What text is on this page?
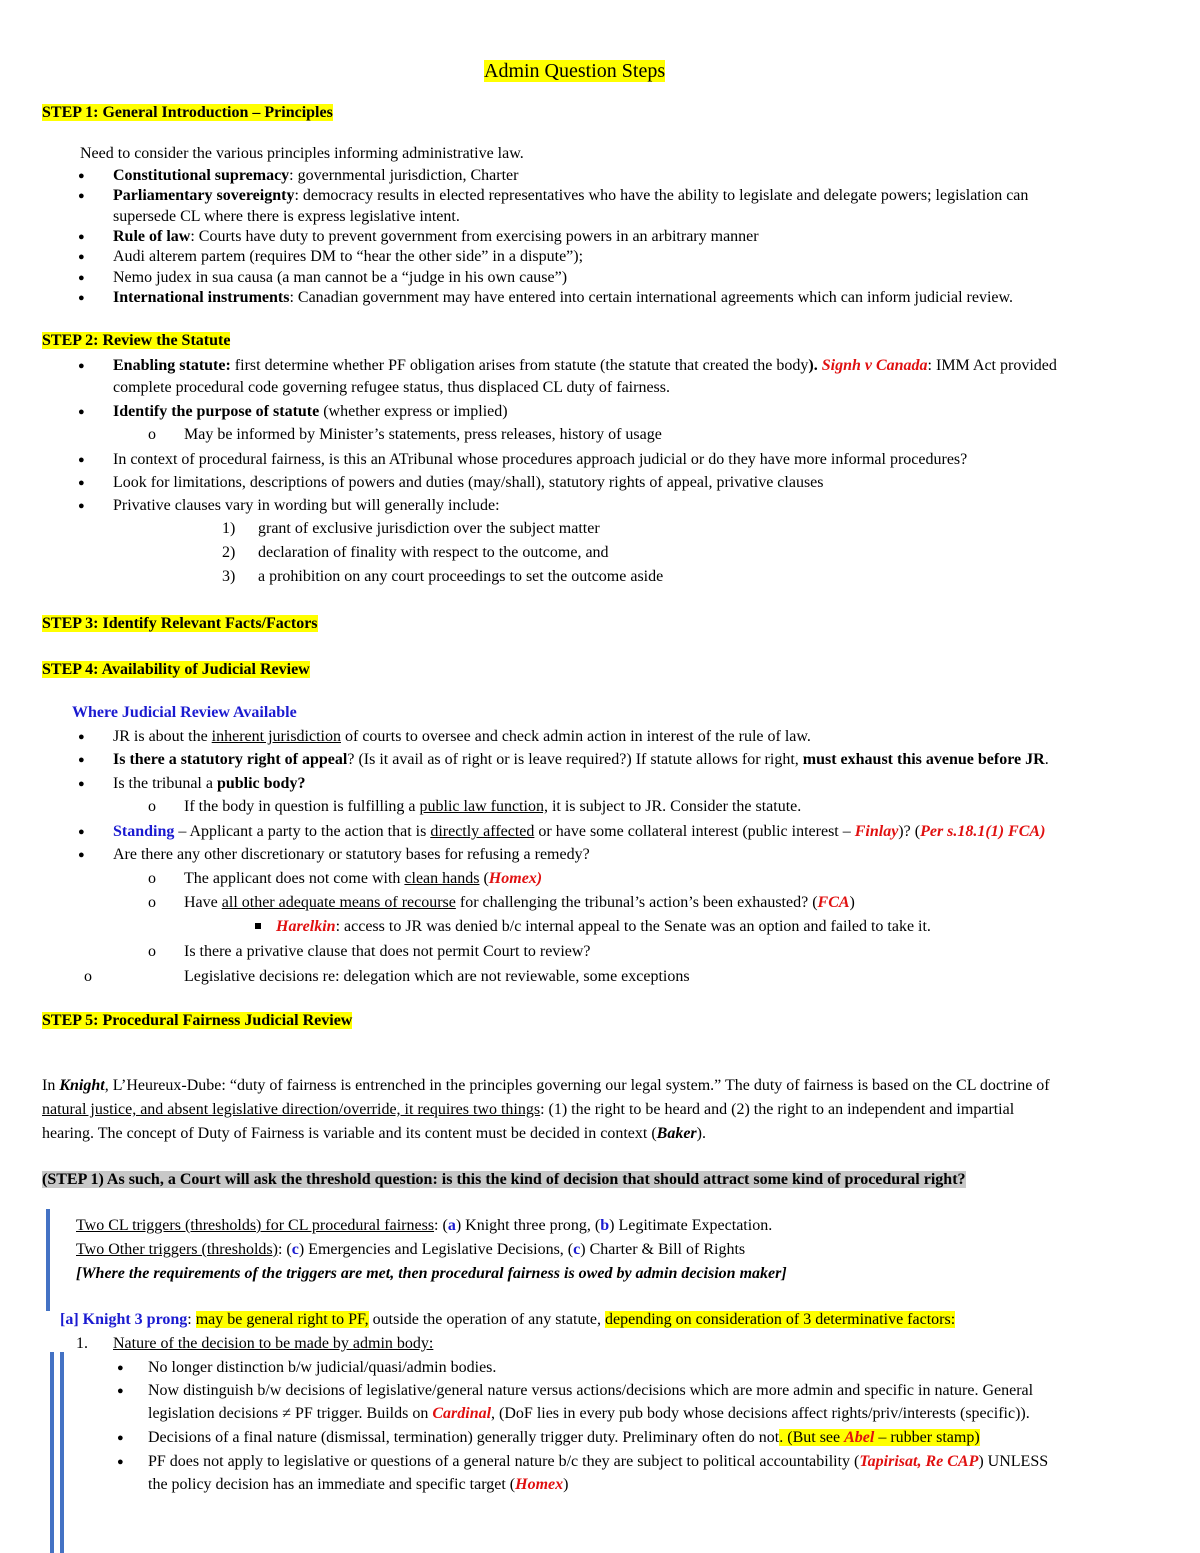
Admin Question Steps
STEP 1: General Introduction – Principles
Need to consider the various principles informing administrative law.
● Constitutional supremacy: governmental jurisdiction, Charter
● Parliamentary sovereignty: democracy results in elected representatives who have the ability to legislate and delegate powers; legislation can
supersede CL where there is express legislative intent.
● Rule of law: Courts have duty to prevent government from exercising powers in an arbitrary manner
● Audi alterem partem (requires DM to “hear the other side” in a dispute”);
● Nemo judex in sua causa (a man cannot be a “judge in his own cause”)
● International instruments: Canadian government may have entered into certain international agreements which can inform judicial review.
STEP 2: Review the Statute
● Enabling statute: first determine whether PF obligation arises from statute (the statute that created the body). Signh v Canada: IMM Act provided
complete procedural code governing refugee status, thus displaced CL duty of fairness.
● Identify the purpose of statute (whether express or implied)
o May be informed by Minister’s statements, press releases, history of usage
● In context of procedural fairness, is this an ATribunal whose procedures approach judicial or do they have more informal procedures?
● Look for limitations, descriptions of powers and duties (may/shall), statutory rights of appeal, privative clauses
● Privative clauses vary in wording but will generally include:
1) grant of exclusive jurisdiction over the subject matter
2) declaration of finality with respect to the outcome, and
3) a prohibition on any court proceedings to set the outcome aside
STEP 3: Identify Relevant Facts/Factors
STEP 4: Availability of Judicial Review
Where Judicial Review Available
● JR is about the inherent jurisdiction of courts to oversee and check admin action in interest of the rule of law.
● Is there a statutory right of appeal? (Is it avail as of right or is leave required?) If statute allows for right, must exhaust this avenue before JR.
● Is the tribunal a public body?
o If the body in question is fulfilling a public law function, it is subject to JR. Consider the statute.
● Standing – Applicant a party to the action that is directly affected or have some collateral interest (public interest – Finlay)? (Per s.18.1(1) FCA)
● Are there any other discretionary or statutory bases for refusing a remedy?
o The applicant does not come with clean hands (Homex)
o Have all other adequate means of recourse for challenging the tribunal’s action’s been exhausted? (FCA)
Harelkin: access to JR was denied b/c internal appeal to the Senate was an option and failed to take it.
o Is there a privative clause that does not permit Court to review?
o	Legislative decisions re: delegation which are not reviewable, some exceptions
STEP 5: Procedural Fairness Judicial Review
In Knight, L’Heureux-Dube: “duty of fairness is entrenched in the principles governing our legal system.” The duty of fairness is based on the CL doctrine of
natural justice, and absent legislative direction/override, it requires two things: (1) the right to be heard and (2) the right to an independent and impartial
hearing. The concept of Duty of Fairness is variable and its content must be decided in context (Baker).
(STEP 1) As such, a Court will ask the threshold question: is this the kind of decision that should attract some kind of procedural right?
Two CL triggers (thresholds) for CL procedural fairness: (a) Knight three prong, (b) Legitimate Expectation.
Two Other triggers (thresholds): (c) Emergencies and Legislative Decisions, (c) Charter & Bill of Rights
[Where the requirements of the triggers are met, then procedural fairness is owed by admin decision maker]
[a] Knight 3 prong: may be general right to PF, outside the operation of any statute, depending on consideration of 3 determinative factors:
1. Nature of the decision to be made by admin body:
● No longer distinction b/w judicial/quasi/admin bodies.
● Now distinguish b/w decisions of legislative/general nature versus actions/decisions which are more admin and specific in nature. General
legislation decisions ≠ PF trigger. Builds on Cardinal, (DoF lies in every pub body whose decisions affect rights/priv/interests (specific)).
● Decisions of a final nature (dismissal, termination) generally trigger duty. Preliminary often do not. (But see Abel – rubber stamp)
● PF does not apply to legislative or questions of a general nature b/c they are subject to political accountability (Tapirisat, Re CAP) UNLESS
the policy decision has an immediate and specific target (Homex)
